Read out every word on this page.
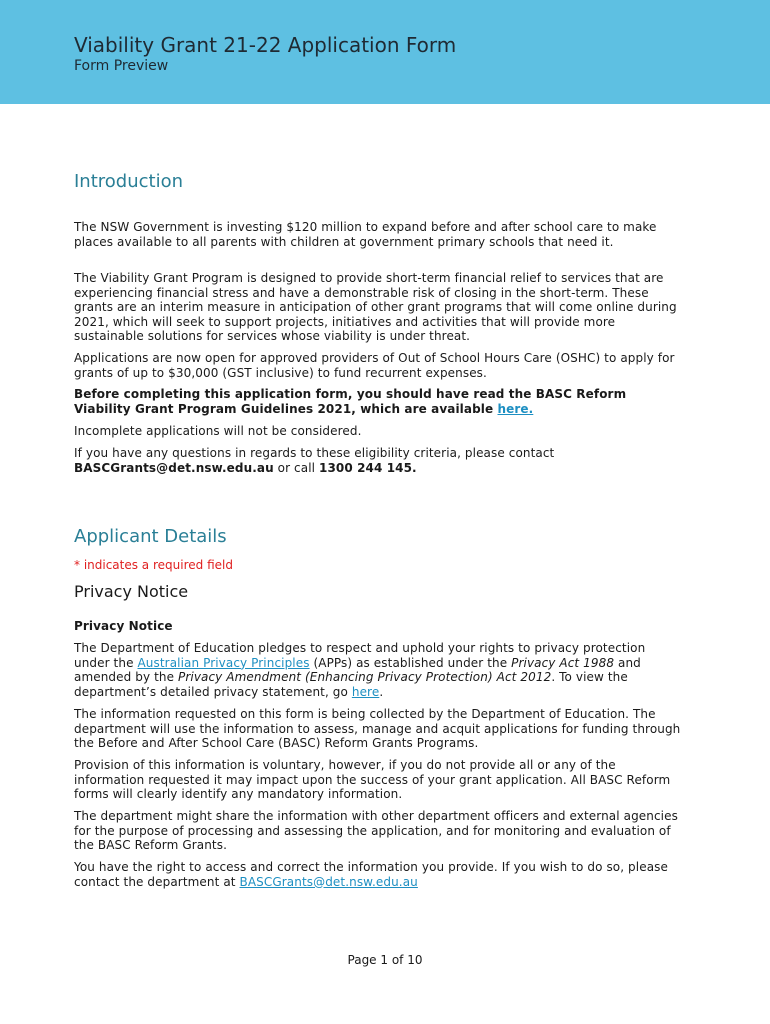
Viability Grant 21-22 Application Form
Form Preview
Introduction

The NSW Government is investing $120 million to expand before and after school care to make places available to all parents with children at government primary schools that need it.

The Viability Grant Program is designed to provide short-term financial relief to services that are experiencing financial stress and have a demonstrable risk of closing in the short-term. These grants are an interim measure in anticipation of other grant programs that will come online during 2021, which will seek to support projects, initiatives and activities that will provide more sustainable solutions for services whose viability is under threat.

Applications are now open for approved providers of Out of School Hours Care (OSHC) to apply for grants of up to $30,000 (GST inclusive) to fund recurrent expenses.

Before completing this application form, you should have read the BASC Reform Viability Grant Program Guidelines 2021, which are available here.

Incomplete applications will not be considered.

If you have any questions in regards to these eligibility criteria, please contact BASCGrants@det.nsw.edu.au or call 1300 244 145.

Applicant Details

* indicates a required field

Privacy Notice

Privacy Notice

The Department of Education pledges to respect and uphold your rights to privacy protection under the Australian Privacy Principles (APPs) as established under the Privacy Act 1988 and amended by the Privacy Amendment (Enhancing Privacy Protection) Act 2012. To view the department’s detailed privacy statement, go here.

The information requested on this form is being collected by the Department of Education. The department will use the information to assess, manage and acquit applications for funding through the Before and After School Care (BASC) Reform Grants Programs.

Provision of this information is voluntary, however, if you do not provide all or any of the information requested it may impact upon the success of your grant application. All BASC Reform forms will clearly identify any mandatory information.

The department might share the information with other department officers and external agencies for the purpose of processing and assessing the application, and for monitoring and evaluation of the BASC Reform Grants.

You have the right to access and correct the information you provide. If you wish to do so, please contact the department at BASCGrants@det.nsw.edu.au

Page 1 of 10
